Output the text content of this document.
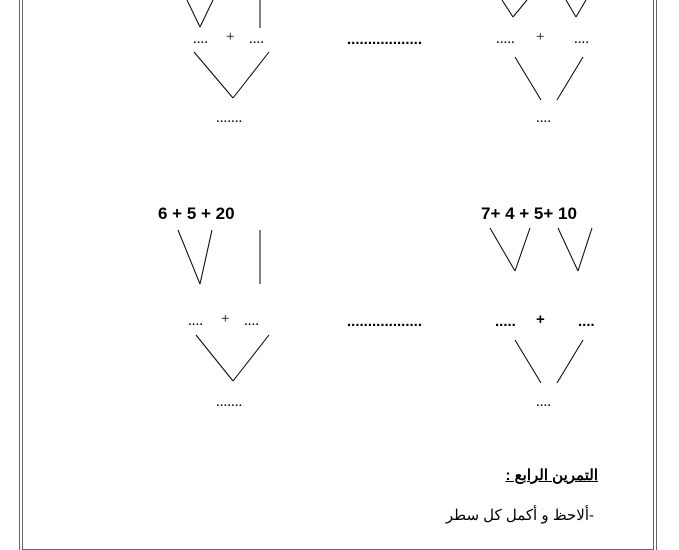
.... + ....
.......
..................	..... + ....
....
6 + 5 + 20	7+ 4 + 5+ 10
.... + ....
.......
..................	..... + ....
....
التمرين الرابع :
-ألاحظ و أكمل كل سطر
